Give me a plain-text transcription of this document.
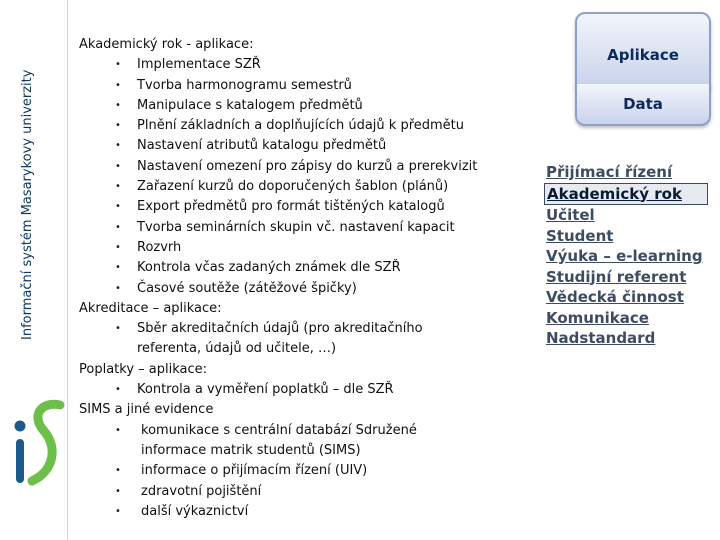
Informační systém Masarykovy univerzity
Akademický rok - aplikace:
•	Implementace SZŘ
•	Tvorba harmonogramu semestrů
•	Manipulace s katalogem předmětů
•	Plnění základních a doplňujících údajů k předmětu
•	Nastavení atributů katalogu předmětů
•	Nastavení omezení pro zápisy do kurzů a prerekvizit
•	Zařazení kurzů do doporučených šablon (plánů)
•	Export předmětů pro formát tištěných katalogů
•	Tvorba seminárních skupin vč. nastavení kapacit
•	Rozvrh
•	Kontrola včas zadaných známek dle SZŘ
•	Časové soutěže (zátěžové špičky)
Akreditace – aplikace:
•	Sběr akreditačních údajů (pro akreditačního referenta, údajů od učitele, …)
Poplatky – aplikace:
•	Kontrola a vyměření poplatků – dle SZŘ
SIMS a jiné evidence
•	komunikace s centrální databází Sdružené informace matrik studentů (SIMS)
•	informace o přijímacím řízení (UIV)
•	zdravotní pojištění
•	další výkaznictví
Aplikace
Data
Přijímací řízení
Akademický rok
Učitel
Student
Výuka – e-learning
Studijní referent
Vědecká činnost
Komunikace
Nadstandard
